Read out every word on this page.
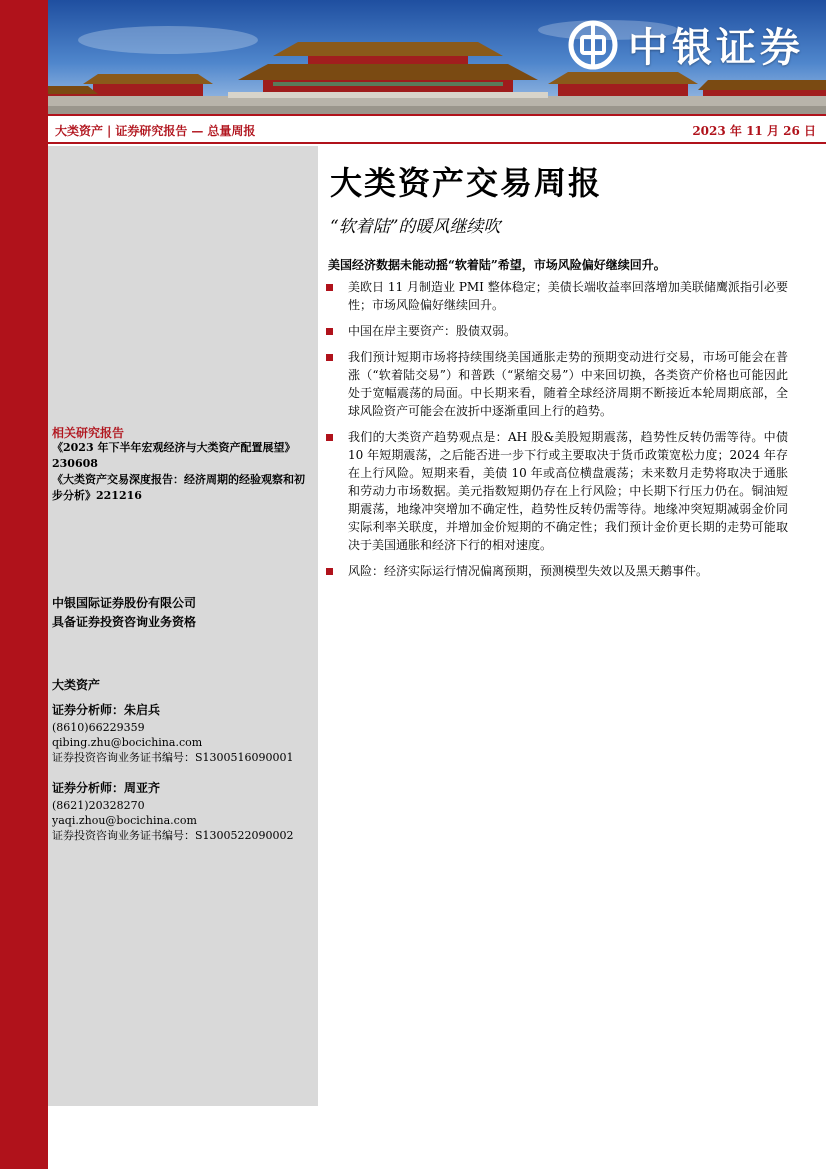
中银证券
大类资产 | 证券研究报告 — 总量周报	2023 年 11 月 26 日
相关研究报告
《2023 年下半年宏观经济与大类资产配置展望》230608
《大类资产交易深度报告：经济周期的经验观察和初步分析》221216
中银国际证券股份有限公司
具备证券投资咨询业务资格
大类资产
证券分析师：朱启兵
(8610)66229359
qibing.zhu@bocichina.com
证券投资咨询业务证书编号：S1300516090001
证券分析师：周亚齐
(8621)20328270
yaqi.zhou@bocichina.com
证券投资咨询业务证书编号：S1300522090002
大类资产交易周报
“软着陆”的暖风继续吹
美国经济数据未能动摇“软着陆”希望，市场风险偏好继续回升。
美欧日 11 月制造业 PMI 整体稳定；美债长端收益率回落增加美联储鹰派指引必要性；市场风险偏好继续回升。
中国在岸主要资产：股债双弱。
我们预计短期市场将持续围绕美国通胀走势的预期变动进行交易，市场可能会在普涨（“软着陆交易”）和普跌（“紧缩交易”）中来回切换，各类资产价格也可能因此处于宽幅震荡的局面。中长期来看，随着全球经济周期不断接近本轮周期底部，全球风险资产可能会在波折中逐渐重回上行的趋势。
我们的大类资产趋势观点是：AH 股&美股短期震荡，趋势性反转仍需等待。中债 10 年短期震荡，之后能否进一步下行或主要取决于货币政策宽松力度；2024 年存在上行风险。短期来看，美债 10 年或高位横盘震荡；未来数月走势将取决于通胀和劳动力市场数据。美元指数短期仍存在上行风险；中长期下行压力仍在。铜油短期震荡，地缘冲突增加不确定性，趋势性反转仍需等待。地缘冲突短期减弱金价同实际利率关联度，并增加金价短期的不确定性；我们预计金价更长期的走势可能取决于美国通胀和经济下行的相对速度。
风险：经济实际运行情况偏离预期，预测模型失效以及黑天鹅事件。
